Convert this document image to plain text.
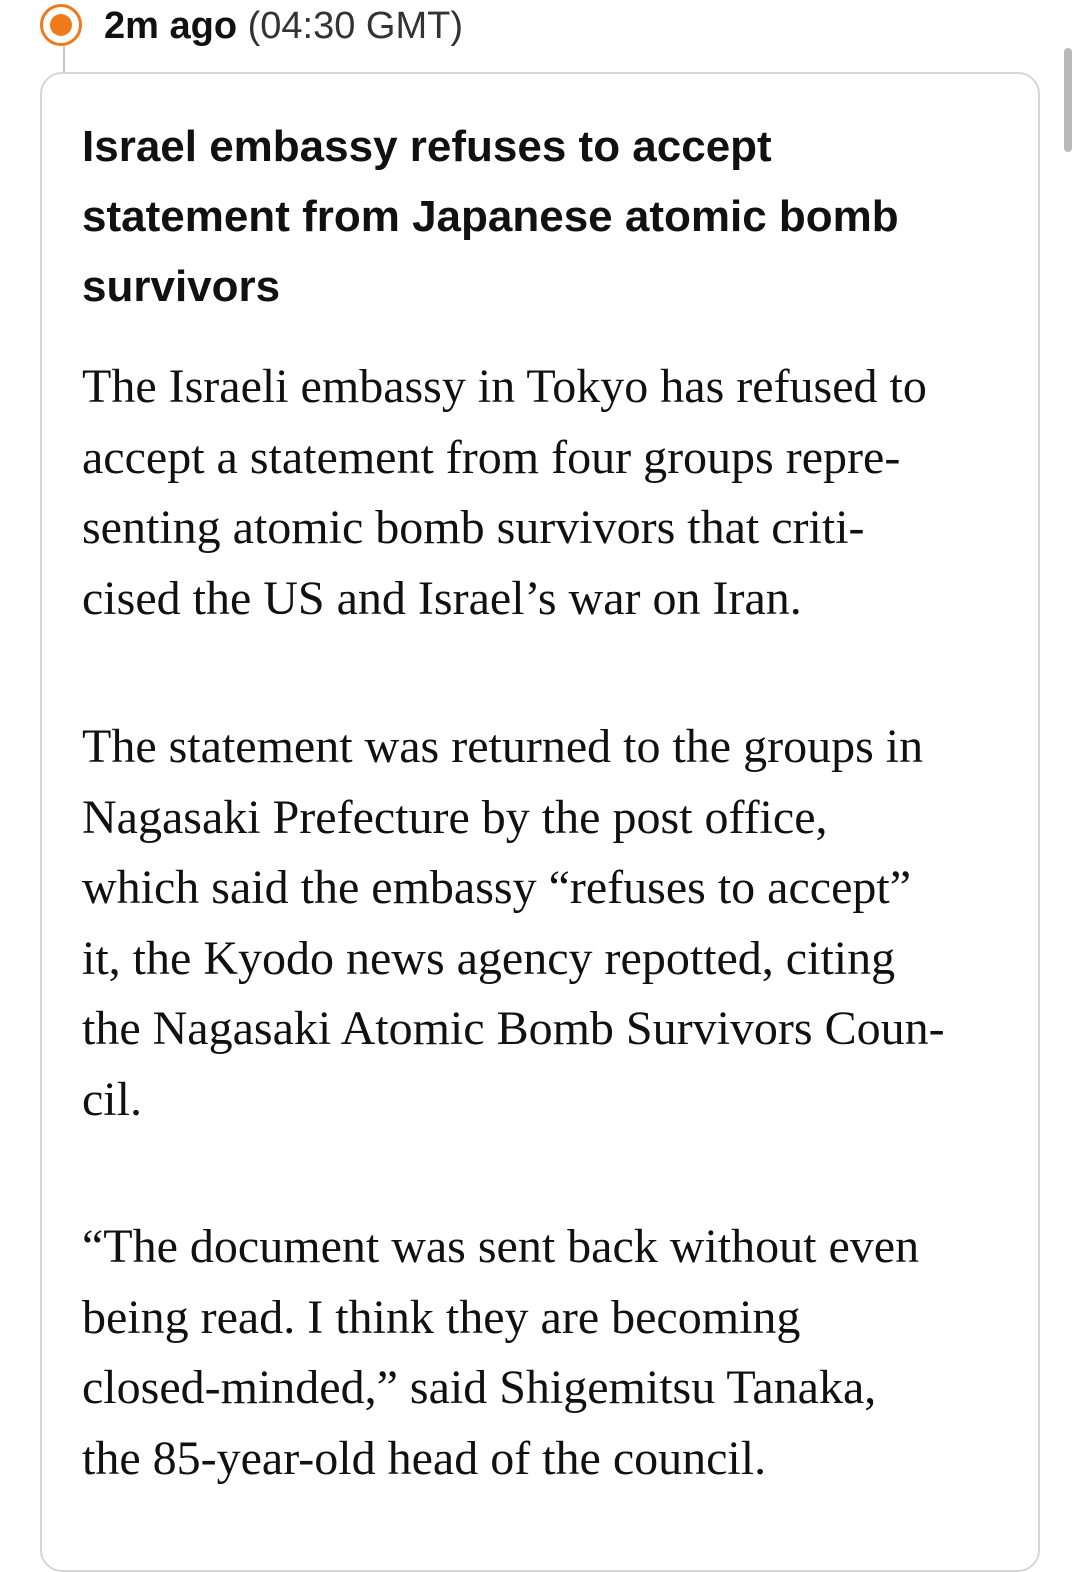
2m ago (04:30 GMT)
Israel embassy refuses to accept statement from Japanese atomic bomb survivors

The Israeli embassy in Tokyo has refused to
accept a statement from four groups repre-
senting atomic bomb survivors that criti-
cised the US and Israel’s war on Iran.

The statement was returned to the groups in
Nagasaki Prefecture by the post office,
which said the embassy “refuses to accept”
it, the Kyodo news agency repotted, citing
the Nagasaki Atomic Bomb Survivors Coun-
cil.

“The document was sent back without even
being read. I think they are becoming
closed-minded,” said Shigemitsu Tanaka,
the 85-year-old head of the council.
